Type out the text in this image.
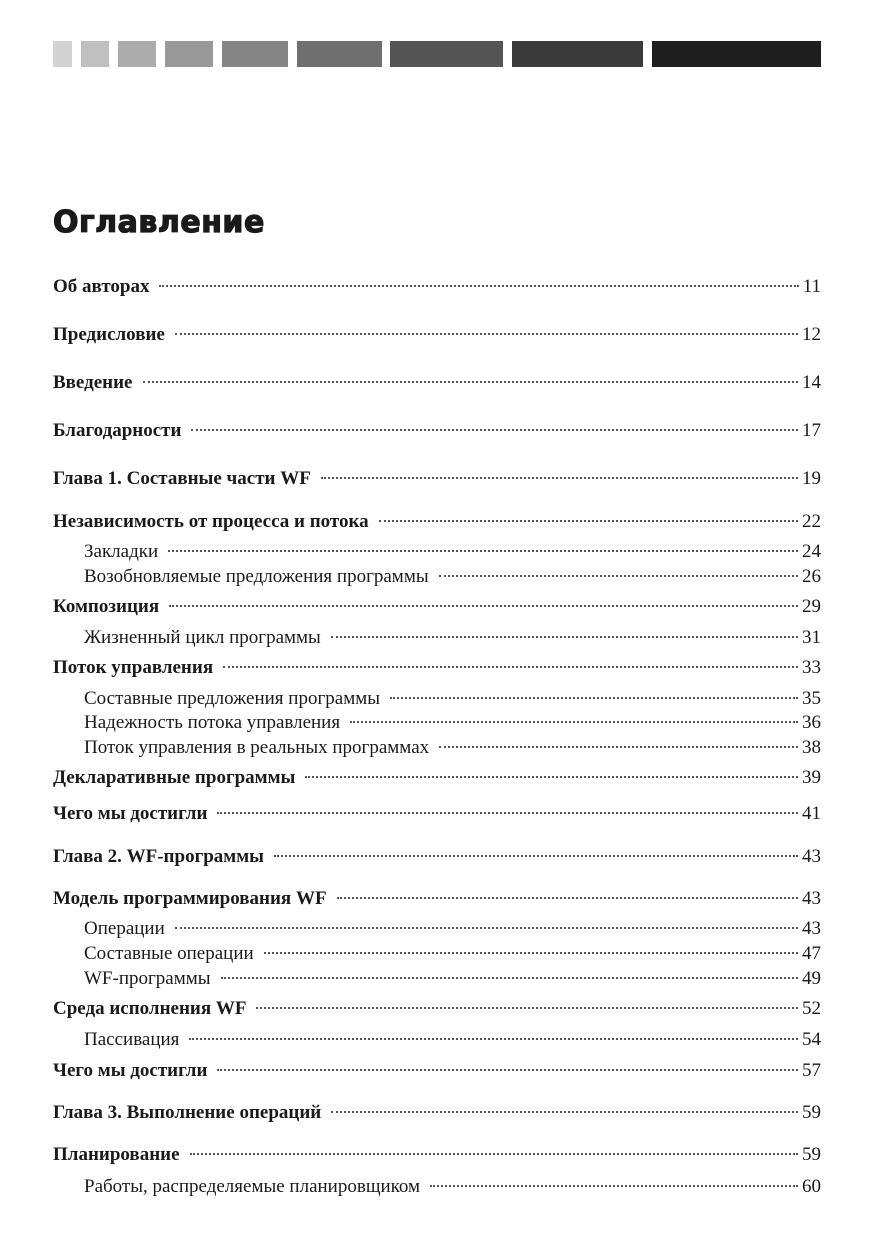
Оглавление
Об авторах	11
Предисловие	12
Введение	14
Благодарности	17
Глава 1. Составные части WF	19
Независимость от процесса и потока	22
Закладки	24
Возобновляемые предложения программы	26
Композиция	29
Жизненный цикл программы	31
Поток управления	33
Составные предложения программы	35
Надежность потока управления	36
Поток управления в реальных программах	38
Декларативные программы	39
Чего мы достигли	41
Глава 2. WF-программы	43
Модель программирования WF	43
Операции	43
Составные операции	47
WF-программы	49
Среда исполнения WF	52
Пассивация	54
Чего мы достигли	57
Глава 3. Выполнение операций	59
Планирование	59
Работы, распределяемые планировщиком	60
